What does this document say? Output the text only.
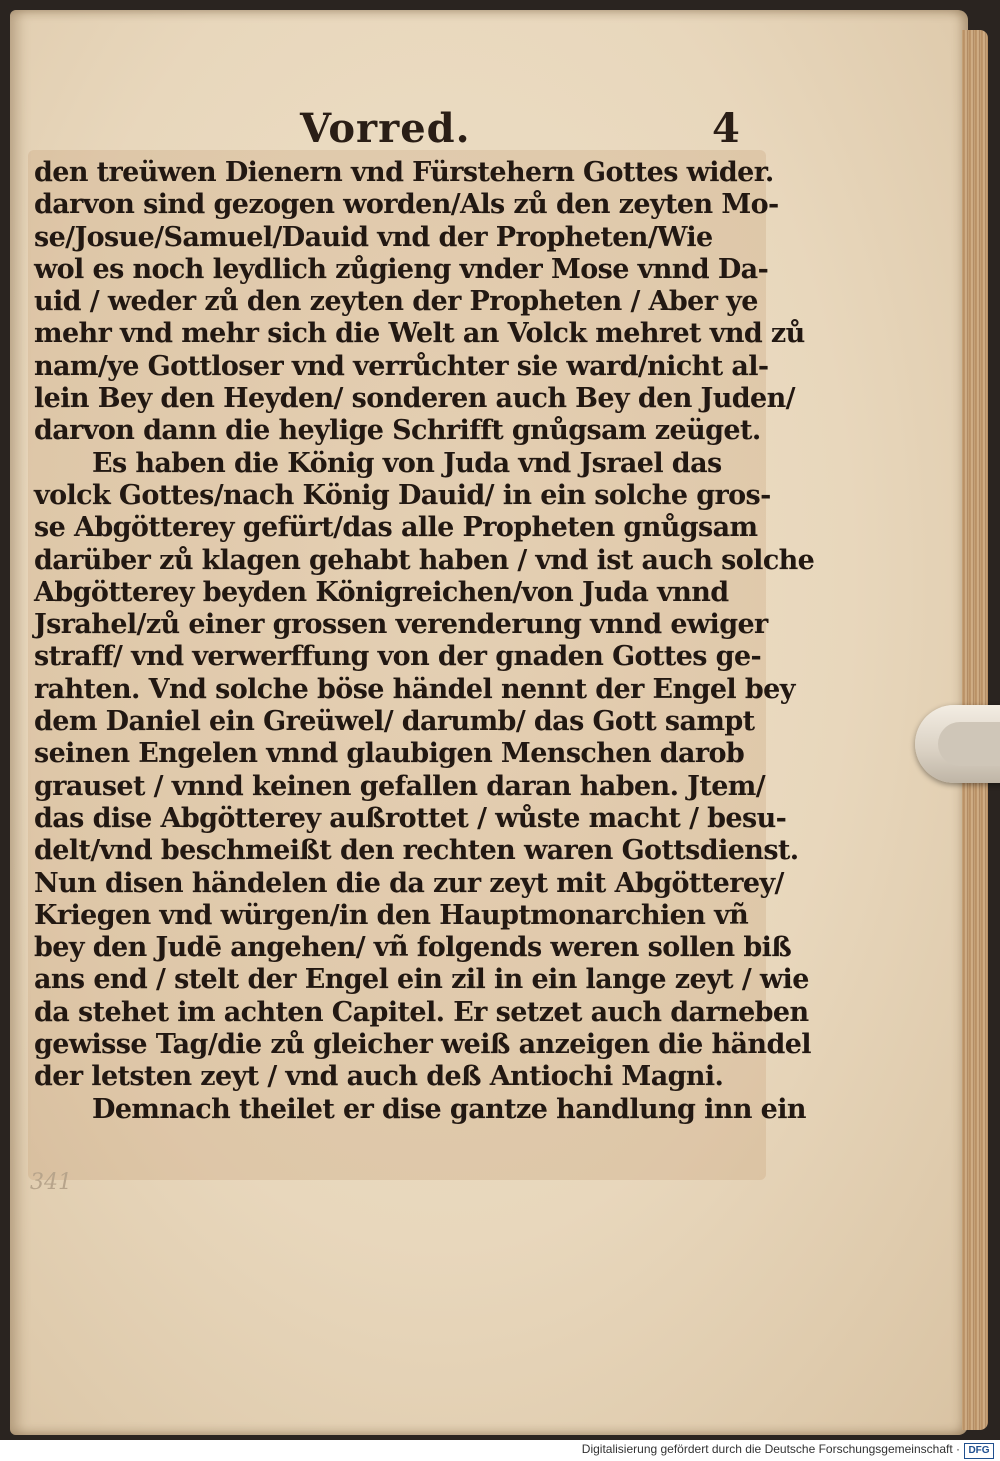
Vorred.	4
den treüwen Dienern vnd Fürstehern Gottes wider.
darvon sind gezogen worden/Als zů den zeyten Mo-
se/Josue/Samuel/Dauid vnd der Propheten/Wie
wol es noch leydlich zůgieng vnder Mose vnnd Da-
uid / weder zů den zeyten der Propheten / Aber ye
mehr vnd mehr sich die Welt an Volck mehret vnd zů
nam/ye Gottloser vnd verrůchter sie ward/nicht al-
lein Bey den Heyden/ sonderen auch Bey den Juden/
darvon dann die heylige Schrifft gnůgsam zeüget.
Es haben die König von Juda vnd Jsrael das
volck Gottes/nach König Dauid/ in ein solche gros-
se Abgötterey gefürt/das alle Propheten gnůgsam
darüber zů klagen gehabt haben / vnd ist auch solche
Abgötterey beyden Königreichen/von Juda vnnd
Jsrahel/zů einer grossen verenderung vnnd ewiger
straff/ vnd verwerffung von der gnaden Gottes ge-
rahten. Vnd solche böse händel nennt der Engel bey
dem Daniel ein Greüwel/ darumb/ das Gott sampt
seinen Engelen vnnd glaubigen Menschen darob
grauset / vnnd keinen gefallen daran haben. Jtem/
das dise Abgötterey außrottet / wůste macht / besu-
delt/vnd beschmeißt den rechten waren Gottsdienst.
Nun disen händelen die da zur zeyt mit Abgötterey/
Kriegen vnd würgen/in den Hauptmonarchien vñ
bey den Judē angehen/ vñ folgends weren sollen biß
ans end / stelt der Engel ein zil in ein lange zeyt / wie
da stehet im achten Capitel. Er setzet auch darneben
gewisse Tag/die zů gleicher weiß anzeigen die händel
der letsten zeyt / vnd auch deß Antiochi Magni.
Demnach theilet er dise gantze handlung inn ein
341
Digitalisierung gefördert durch die Deutsche Forschungsgemeinschaft · DFG
